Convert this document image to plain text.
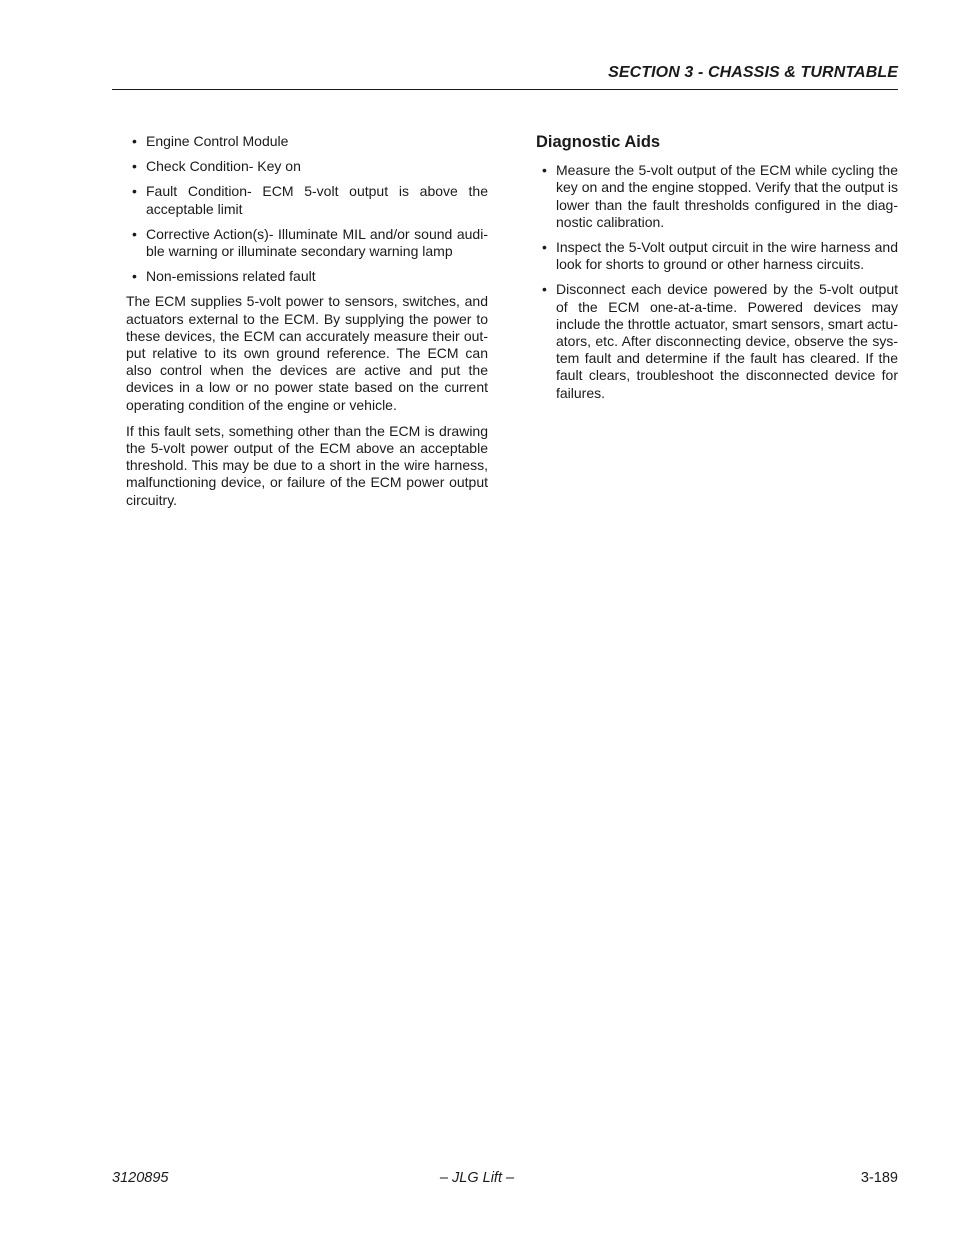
SECTION 3 - CHASSIS & TURNTABLE
• Engine Control Module
• Check Condition- Key on
• Fault Condition- ECM 5-volt output is above the acceptable limit
• Corrective Action(s)- Illuminate MIL and/or sound audi-ble warning or illuminate secondary warning lamp
• Non-emissions related fault

The ECM supplies 5-volt power to sensors, switches, and actuators external to the ECM. By supplying the power to these devices, the ECM can accurately measure their out-put relative to its own ground reference. The ECM can also control when the devices are active and put the devices in a low or no power state based on the current operating condition of the engine or vehicle.

If this fault sets, something other than the ECM is drawing the 5-volt power output of the ECM above an acceptable threshold. This may be due to a short in the wire harness, malfunctioning device, or failure of the ECM power output circuitry.

Diagnostic Aids
• Measure the 5-volt output of the ECM while cycling the key on and the engine stopped. Verify that the output is lower than the fault thresholds configured in the diag-nostic calibration.
• Inspect the 5-Volt output circuit in the wire harness and look for shorts to ground or other harness circuits.
• Disconnect each device powered by the 5-volt output of the ECM one-at-a-time. Powered devices may include the throttle actuator, smart sensors, smart actu-ators, etc. After disconnecting device, observe the sys-tem fault and determine if the fault has cleared. If the fault clears, troubleshoot the disconnected device for failures.
– JLG Lift –
3120895	3-189
